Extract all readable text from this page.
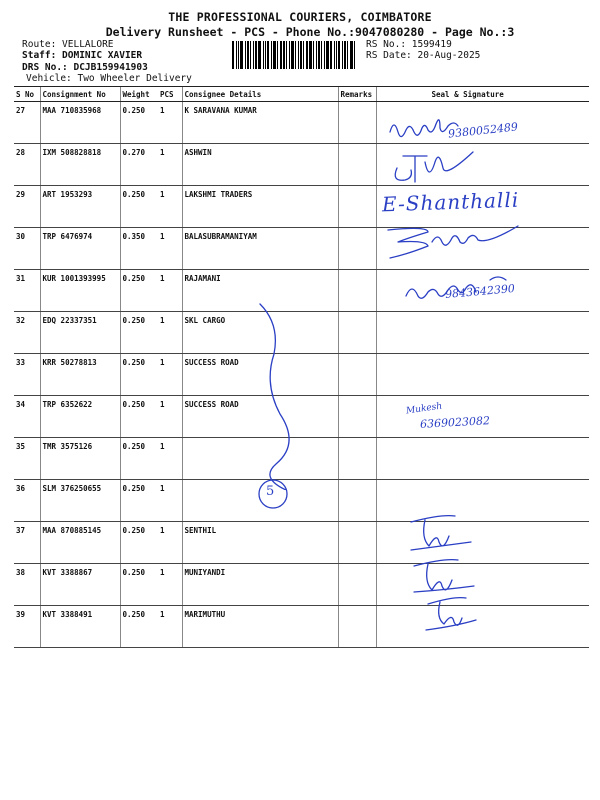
THE PROFESSIONAL COURIERS, COIMBATORE
Delivery Runsheet - PCS - Phone No.:9047080280 - Page No.:3
Route: VELLALORE
Staff: DOMINIC XAVIER
DRS No.: DCJB159941903
Vehicle: Two Wheeler Delivery
RS No.: 1599419
RS Date: 20-Aug-2025
S No	Consignment No	Weight	PCS	Consignee Details	Remarks	Seal & Signature
27	MAA 710835968	0.250	1	K SARAVANA KUMAR		
28	IXM 508828818	0.270	1	ASHWIN		
29	ART 1953293	0.250	1	LAKSHMI TRADERS		
30	TRP 6476974	0.350	1	BALASUBRAMANIYAM		
31	KUR 1001393995	0.250	1	RAJAMANI		
32	EDQ 22337351	0.250	1	SKL CARGO		
33	KRR 50278813	0.250	1	SUCCESS ROAD		
34	TRP 6352622	0.250	1	SUCCESS ROAD		
35	TMR 3575126	0.250	1			
36	SLM 376250655	0.250	1			
37	MAA 870885145	0.250	1	SENTHIL		
38	KVT 3388867	0.250	1	MUNIYANDI		
39	KVT 3388491	0.250	1	MARIMUTHU		
9380052489
E-Shanthalli
9843642390
Mukesh
6369023082
5
